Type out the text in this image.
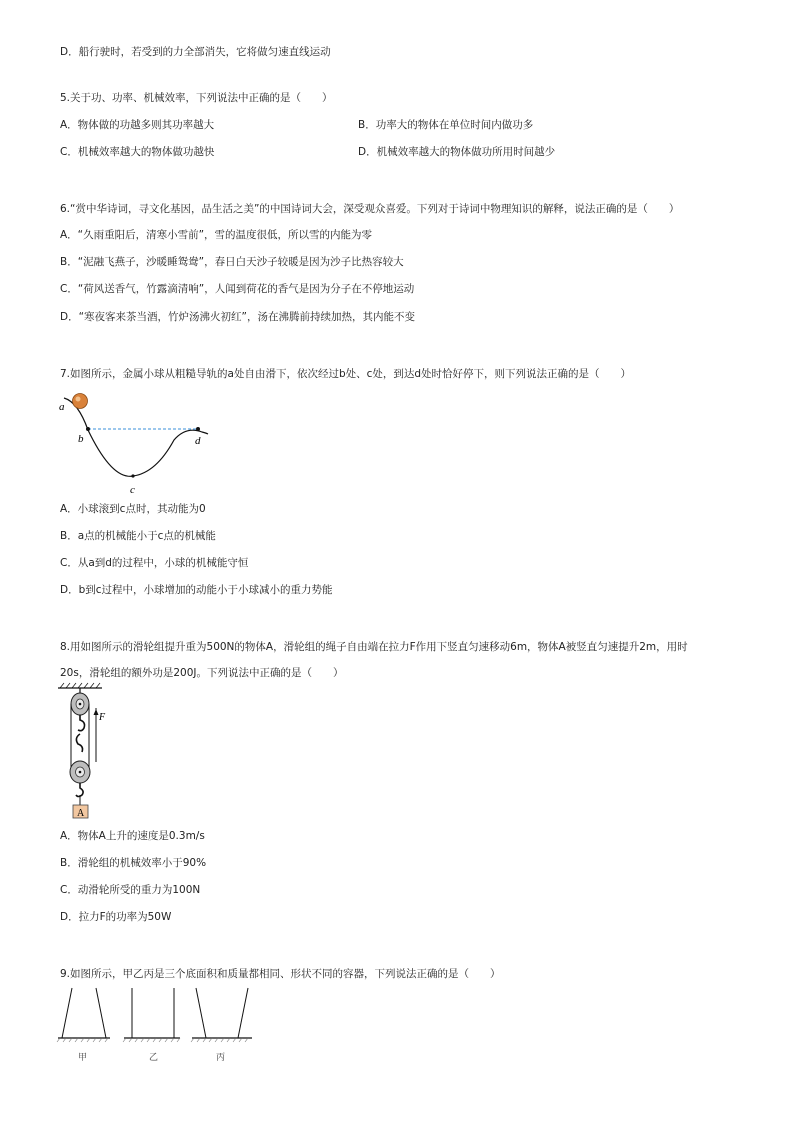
D．船行驶时，若受到的力全部消失，它将做匀速直线运动
5.关于功、功率、机械效率，下列说法中正确的是（　　）
A．物体做的功越多则其功率越大	B．功率大的物体在单位时间内做功多
C．机械效率越大的物体做功越快	D．机械效率越大的物体做功所用时间越少
6.“赏中华诗词，寻文化基因，品生活之美”的中国诗词大会，深受观众喜爱。下列对于诗词中物理知识的解释，说法正确的是（　　）
A．“久雨重阳后，清寒小雪前”，雪的温度很低，所以雪的内能为零
B．“泥融飞燕子，沙暖睡鸳鸯”，春日白天沙子较暖是因为沙子比热容较大
C．“荷风送香气，竹露滴清响”，人闻到荷花的香气是因为分子在不停地运动
D．“寒夜客来茶当酒，竹炉汤沸火初红”，汤在沸腾前持续加热，其内能不变
7.如图所示，金属小球从粗糙导轨的a处自由滑下，依次经过b处、c处，到达d处时恰好停下，则下列说法正确的是（　　）
a
b
c
d
A．小球滚到c点时，其动能为0
B．a点的机械能小于c点的机械能
C．从a到d的过程中，小球的机械能守恒
D．b到c过程中，小球增加的动能小于小球减小的重力势能
8.用如图所示的滑轮组提升重为500N的物体A，滑轮组的绳子自由端在拉力F作用下竖直匀速移动6m，物体A被竖直匀速提升2m，用时
20s，滑轮组的额外功是200J。下列说法中正确的是（　　）
F
A
A．物体A上升的速度是0.3m/s
B．滑轮组的机械效率小于90%
C．动滑轮所受的重力为100N
D．拉力F的功率为50W
9.如图所示，甲乙丙是三个底面积和质量都相同、形状不同的容器，下列说法正确的是（　　）
甲	乙	丙
